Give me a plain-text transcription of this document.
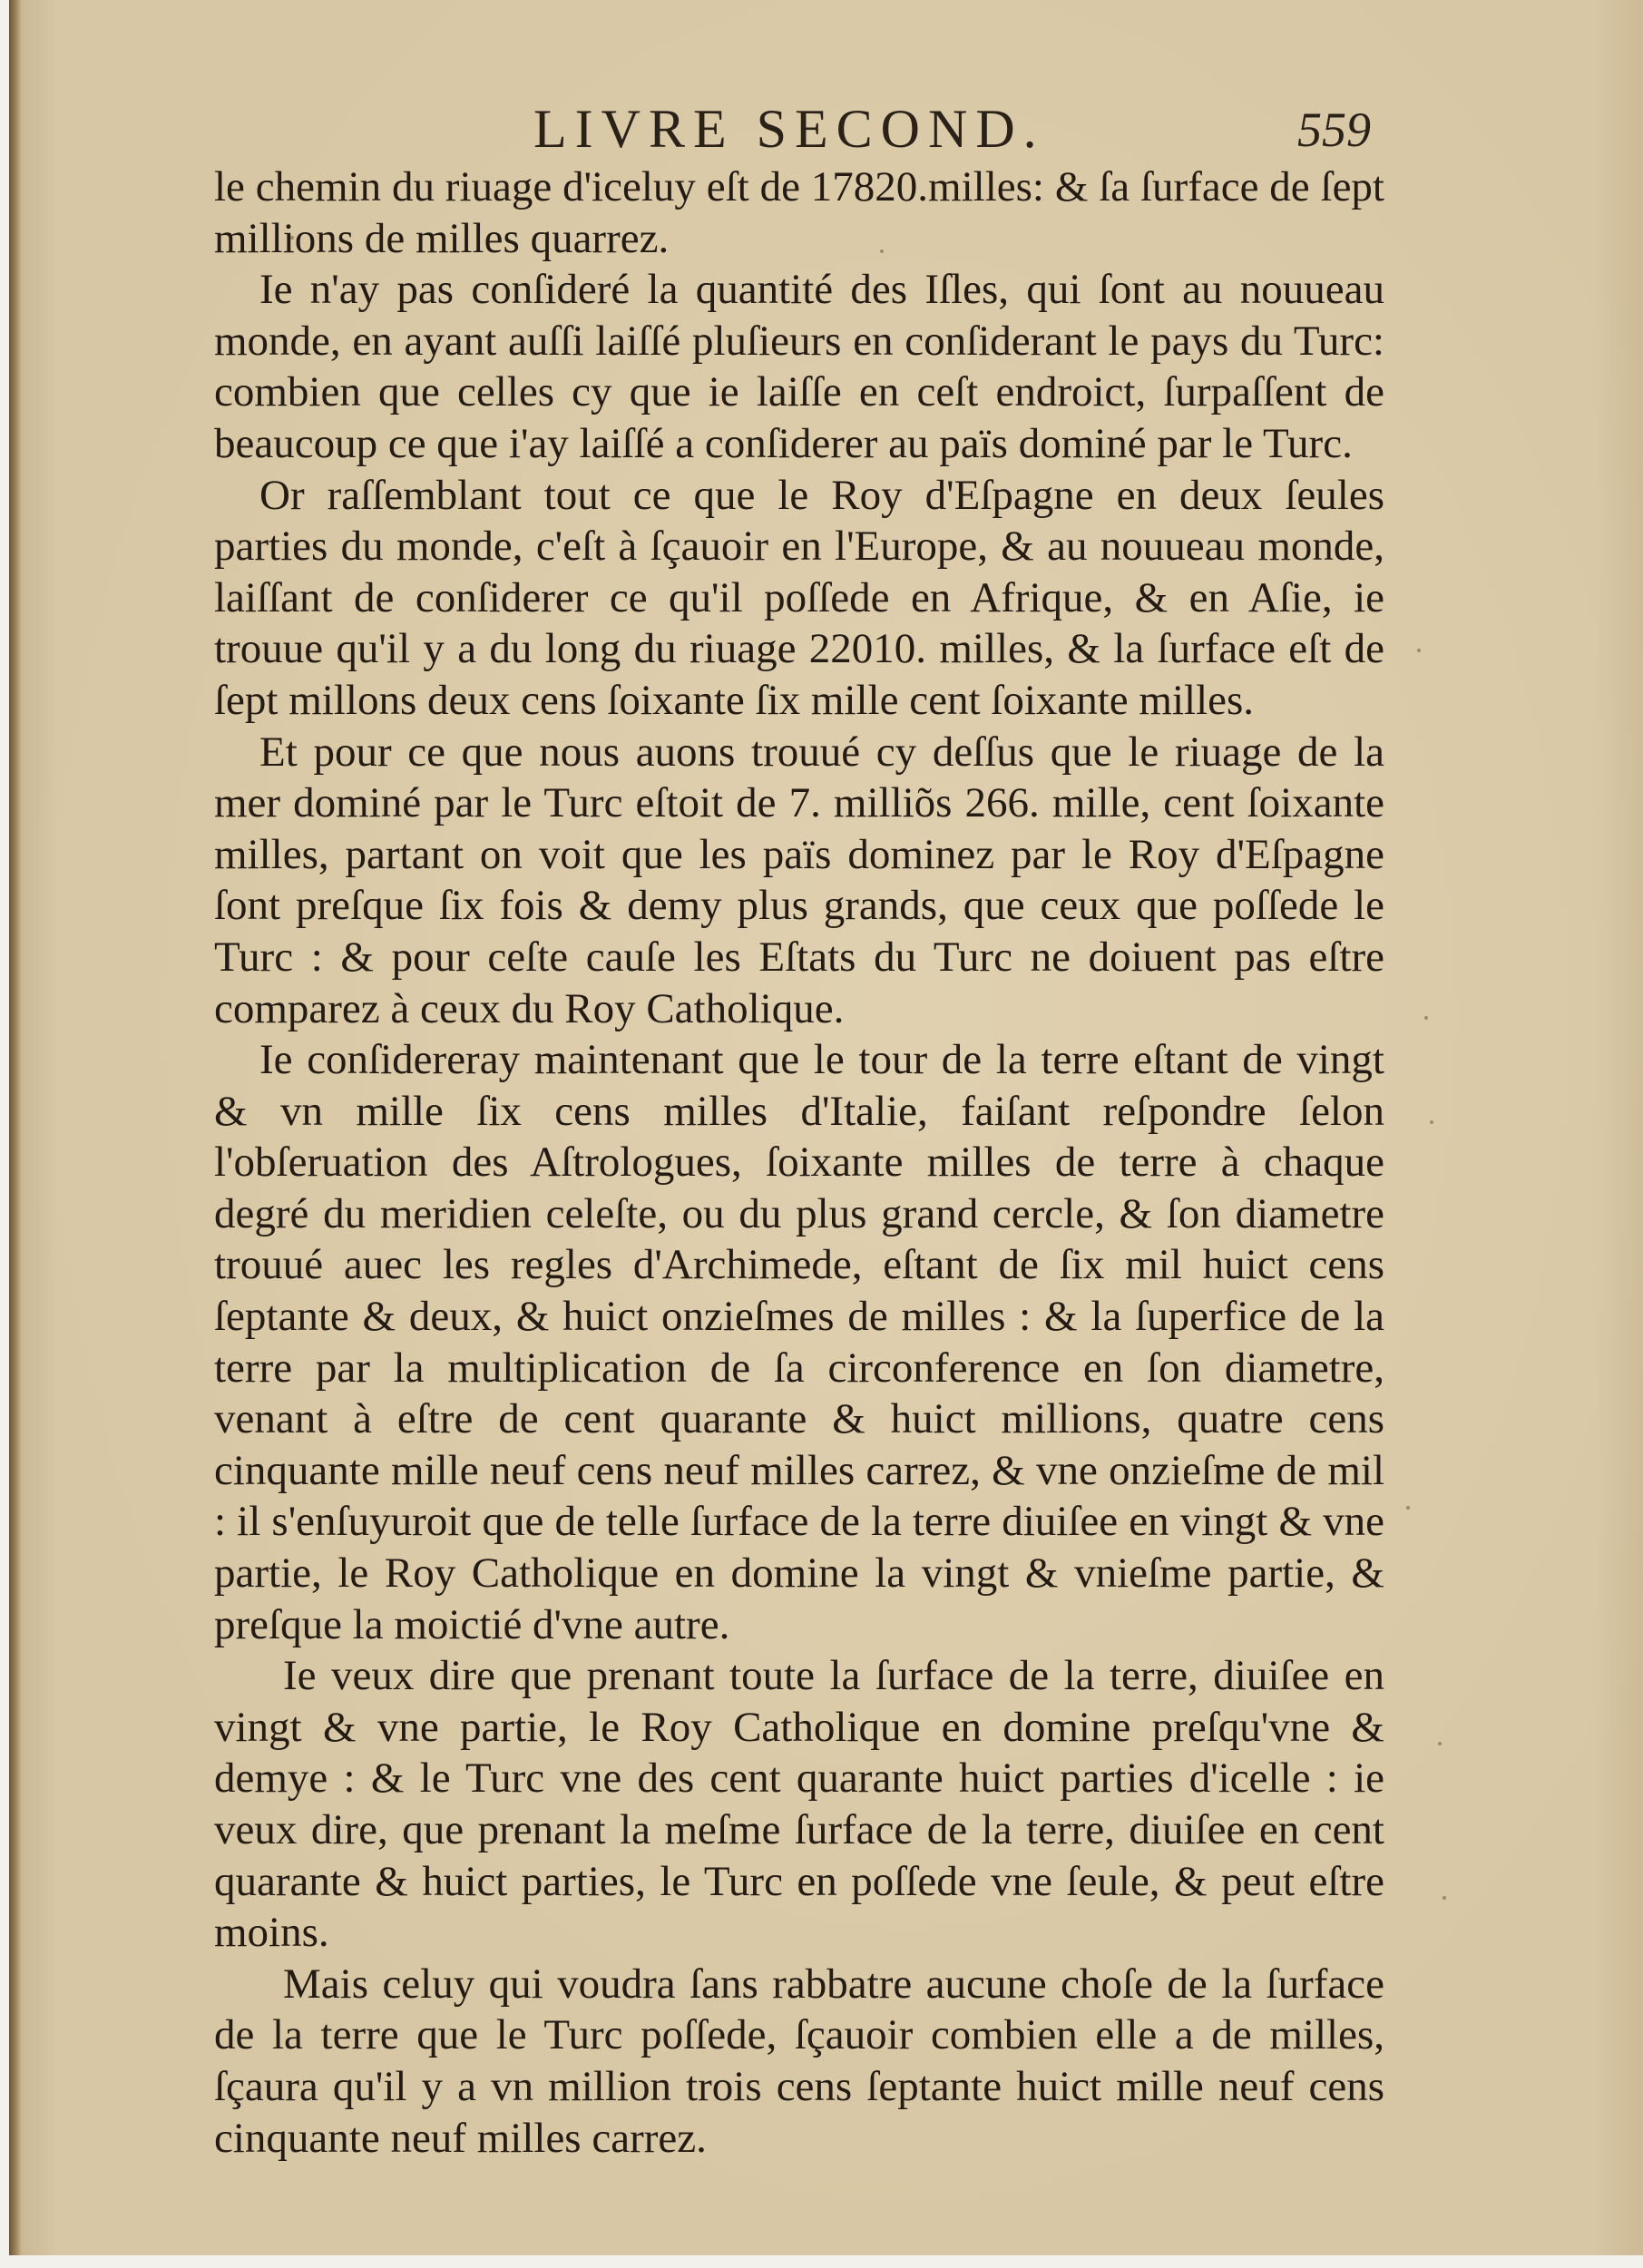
LIVRE SECOND.	559

le chemin du riuage d'iceluy eſt de 17820.milles: & ſa ſurface de ſept millions de milles quarrez.

Ie n'ay pas conſideré la quantité des Iſles, qui ſont au nouueau monde, en ayant auſſi laiſſé pluſieurs en conſiderant le pays du Turc: combien que celles cy que ie laiſſe en ceſt endroict, ſurpaſſent de beaucoup ce que i'ay laiſſé a conſiderer au païs dominé par le Turc.

Or raſſemblant tout ce que le Roy d'Eſpagne en deux ſeules parties du monde, c'eſt à ſçauoir en l'Europe, & au nouueau monde, laiſſant de conſiderer ce qu'il poſſede en Afrique, & en Aſie, ie trouue qu'il y a du long du riuage 22010. milles, & la ſurface eſt de ſept millons deux cens ſoixante ſix mille cent ſoixante milles.

Et pour ce que nous auons trouué cy deſſus que le riuage de la mer dominé par le Turc eſtoit de 7. milliõs 266. mille, cent ſoixante milles, partant on voit que les païs dominez par le Roy d'Eſpagne ſont preſque ſix fois & demy plus grands, que ceux que poſſede le Turc : & pour ceſte cauſe les Eſtats du Turc ne doiuent pas eſtre comparez à ceux du Roy Catholique.

Ie conſidereray maintenant que le tour de la terre eſtant de vingt & vn mille ſix cens milles d'Italie, faiſant reſpondre ſelon l'obſeruation des Aſtrologues, ſoixante milles de terre à chaque degré du meridien celeſte, ou du plus grand cercle, & ſon diametre trouué auec les regles d'Archimede, eſtant de ſix mil huict cens ſeptante & deux, & huict onzieſmes de milles : & la ſuperfice de la terre par la multiplication de ſa circonference en ſon diametre, venant à eſtre de cent quarante & huict millions, quatre cens cinquante mille neuf cens neuf milles carrez, & vne onzieſme de mil : il s'enſuyuroit que de telle ſurface de la terre diuiſee en vingt & vne partie, le Roy Catholique en domine la vingt & vnieſme partie, & preſque la moictié d'vne autre.

Ie veux dire que prenant toute la ſurface de la terre, diuiſee en vingt & vne partie, le Roy Catholique en domine preſqu'vne & demye : & le Turc vne des cent quarante huict parties d'icelle : ie veux dire, que prenant la meſme ſurface de la terre, diuiſee en cent quarante & huict parties, le Turc en poſſede vne ſeule, & peut eſtre moins.

Mais celuy qui voudra ſans rabbatre aucune choſe de la ſurface de la terre que le Turc poſſede, ſçauoir combien elle a de milles, ſçaura qu'il y a vn million trois cens ſeptante huict mille neuf cens cinquante neuf milles carrez.
